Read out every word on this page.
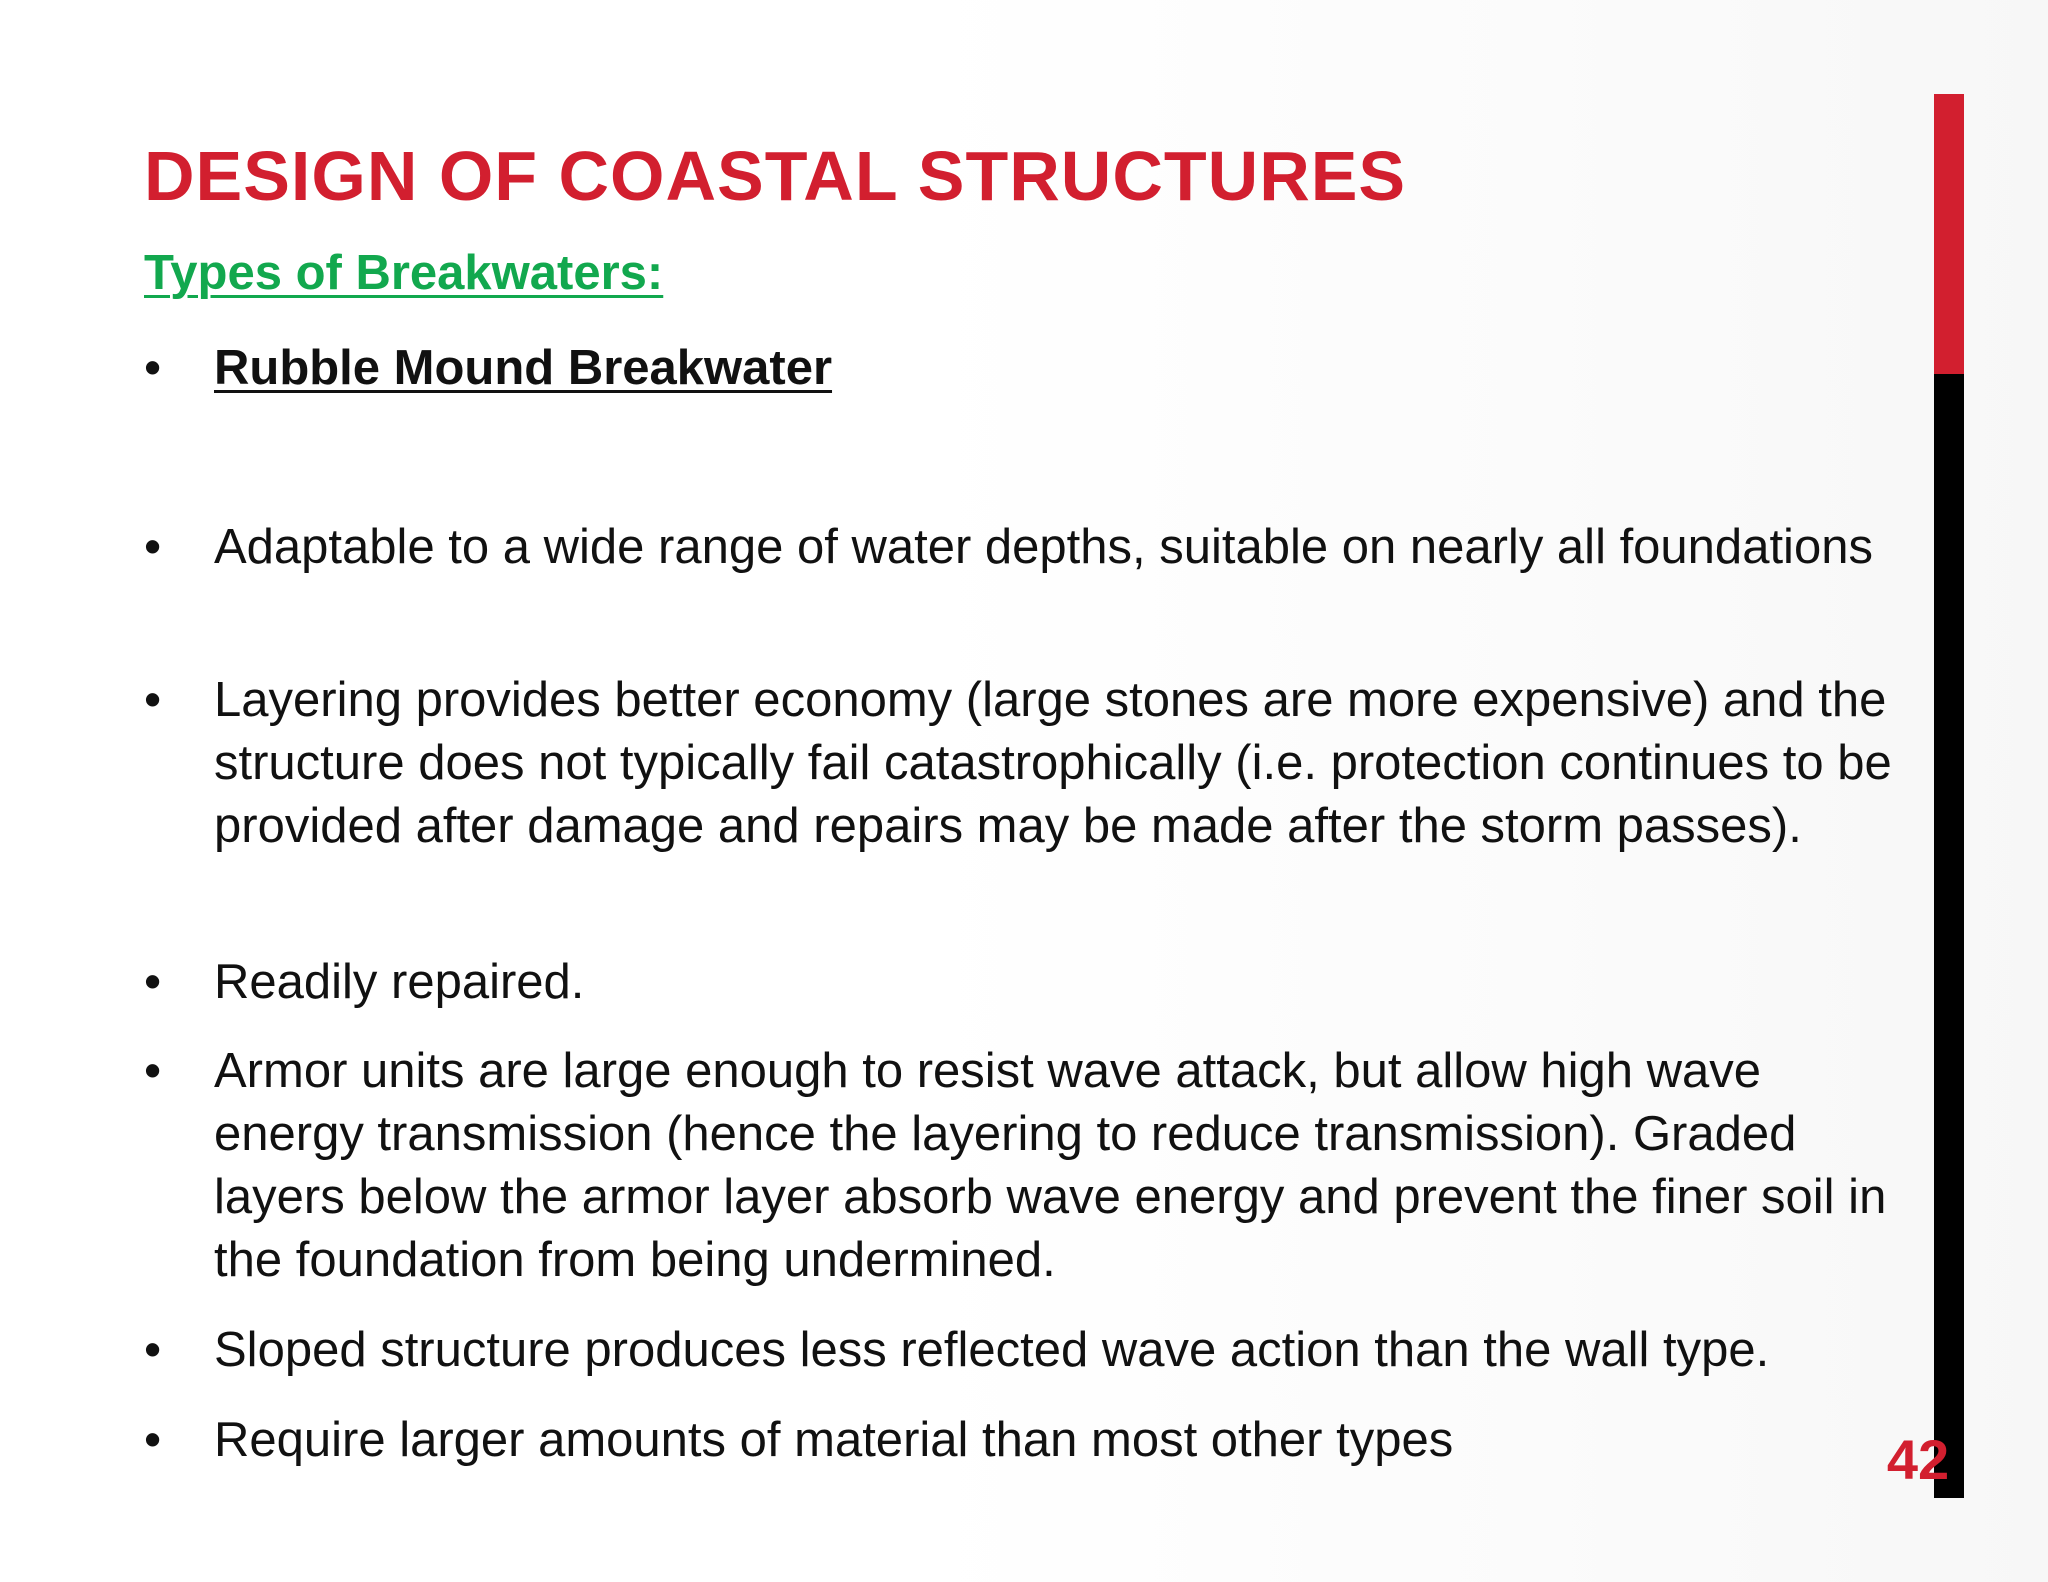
DESIGN OF COASTAL STRUCTURES
Types of Breakwaters:
•	Rubble Mound Breakwater
•	Adaptable to a wide range of water depths, suitable on nearly all foundations
•	Layering provides better economy (large stones are more expensive) and the structure does not typically fail catastrophically (i.e. protection continues to be provided after damage and repairs may be made after the storm passes).
•	Readily repaired.
•	Armor units are large enough to resist wave attack, but allow high wave energy transmission (hence the layering to reduce transmission). Graded layers below the armor layer absorb wave energy and prevent the finer soil in the foundation from being undermined.
•	Sloped structure produces less reflected wave action than the wall type.
•	Require larger amounts of material than most other types	42
